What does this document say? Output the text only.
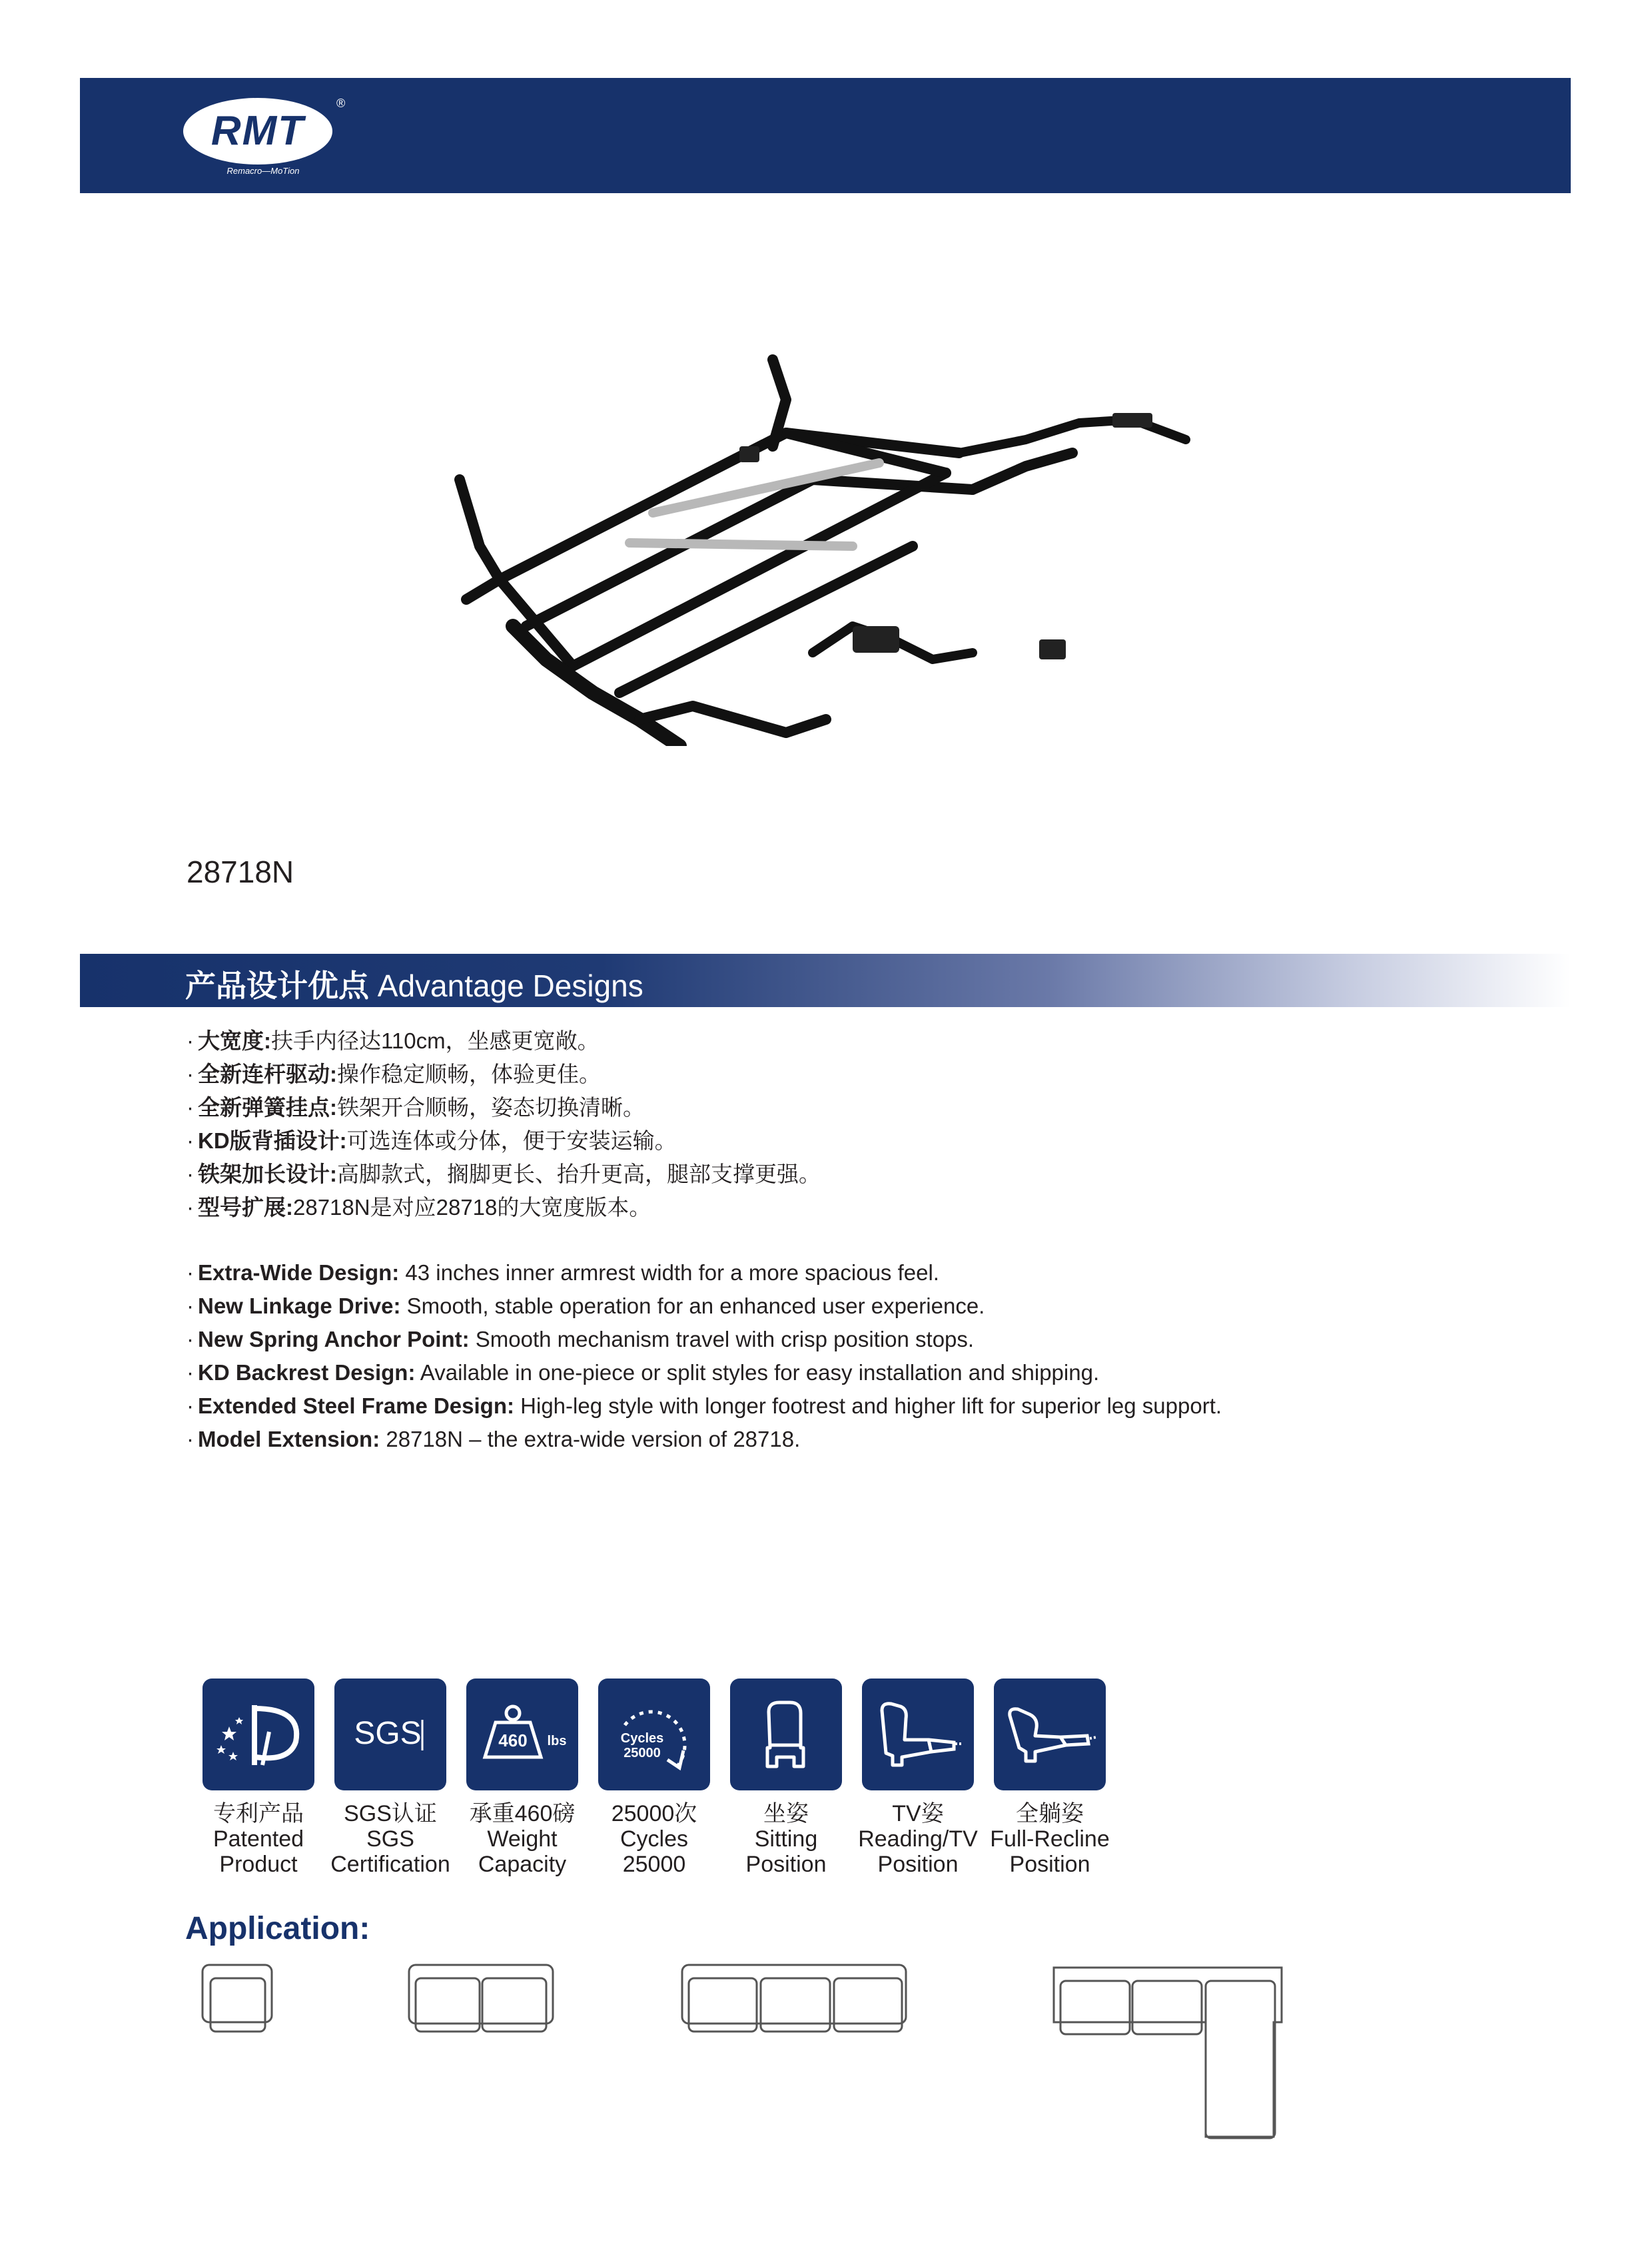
RMT
Remacro—MoTion
®
28718N
产品设计优点 Advantage Designs
· 大宽度:扶手内径达110cm，坐感更宽敞。
· 全新连杆驱动:操作稳定顺畅，体验更佳。
· 全新弹簧挂点:铁架开合顺畅，姿态切换清晰。
· KD版背插设计:可选连体或分体，便于安装运输。
· 铁架加长设计:高脚款式，搁脚更长、抬升更高，腿部支撑更强。
· 型号扩展:28718N是对应28718的大宽度版本。
· Extra-Wide Design: 43 inches inner armrest width for a more spacious feel.
· New Linkage Drive: Smooth, stable operation for an enhanced user experience.
· New Spring Anchor Point: Smooth mechanism travel with crisp position stops.
· KD Backrest Design: Available in one-piece or split styles for easy installation and shipping.
· Extended Steel Frame Design: High-leg style with longer footrest and higher lift for superior leg support.
· Model Extension: 28718N – the extra-wide version of 28718.
专利产品
Patented
Product
SGS
SGS认证
SGS
Certification
460 lbs
承重460磅
Weight
Capacity
Cycles
25000
25000次
Cycles
25000
坐姿
Sitting
Position
TV姿
Reading/TV
Position
全躺姿
Full-Recline
Position
Application:
